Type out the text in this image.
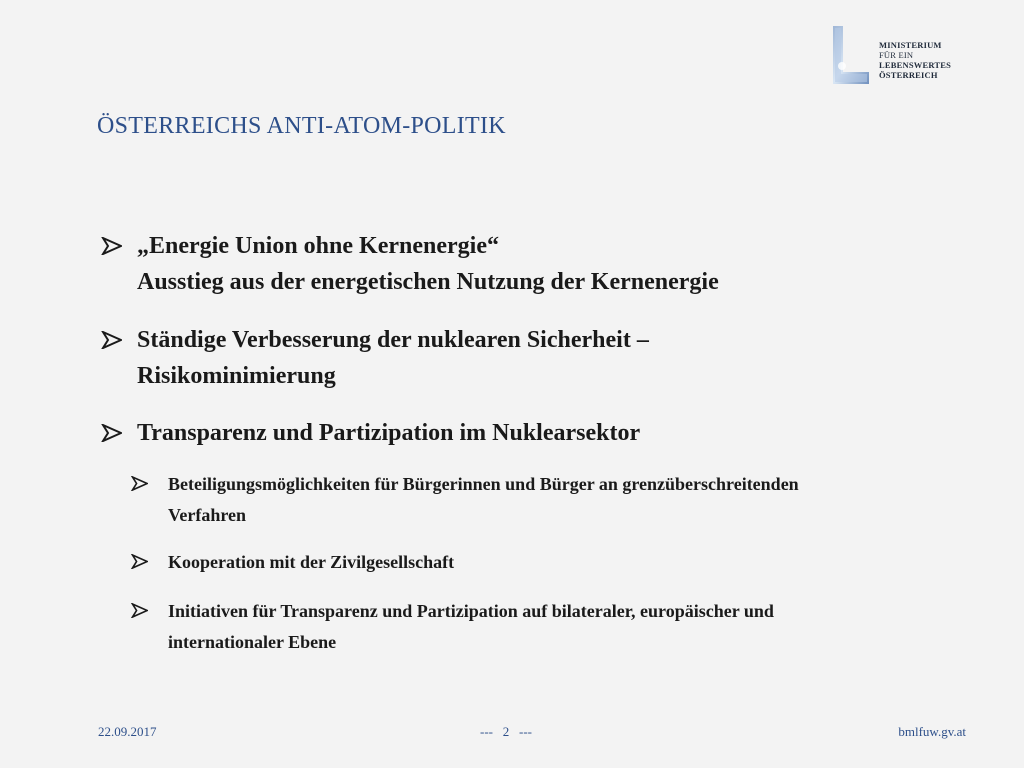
MINISTERIUM
FÜR EIN
LEBENSWERTES
ÖSTERREICH
ÖSTERREICHS ANTI-ATOM-POLITIK
„Energie Union ohne Kernenergie“
Ausstieg aus der energetischen Nutzung der Kernenergie
Ständige Verbesserung der nuklearen Sicherheit –
Risikominimierung
Transparenz und Partizipation im Nuklearsektor
Beteiligungsmöglichkeiten für Bürgerinnen und Bürger an grenzüberschreitenden
Verfahren
Kooperation mit der Zivilgesellschaft
Initiativen für Transparenz und Partizipation auf bilateraler, europäischer und
internationaler Ebene
22.09.2017	---   2   ---	bmlfuw.gv.at
